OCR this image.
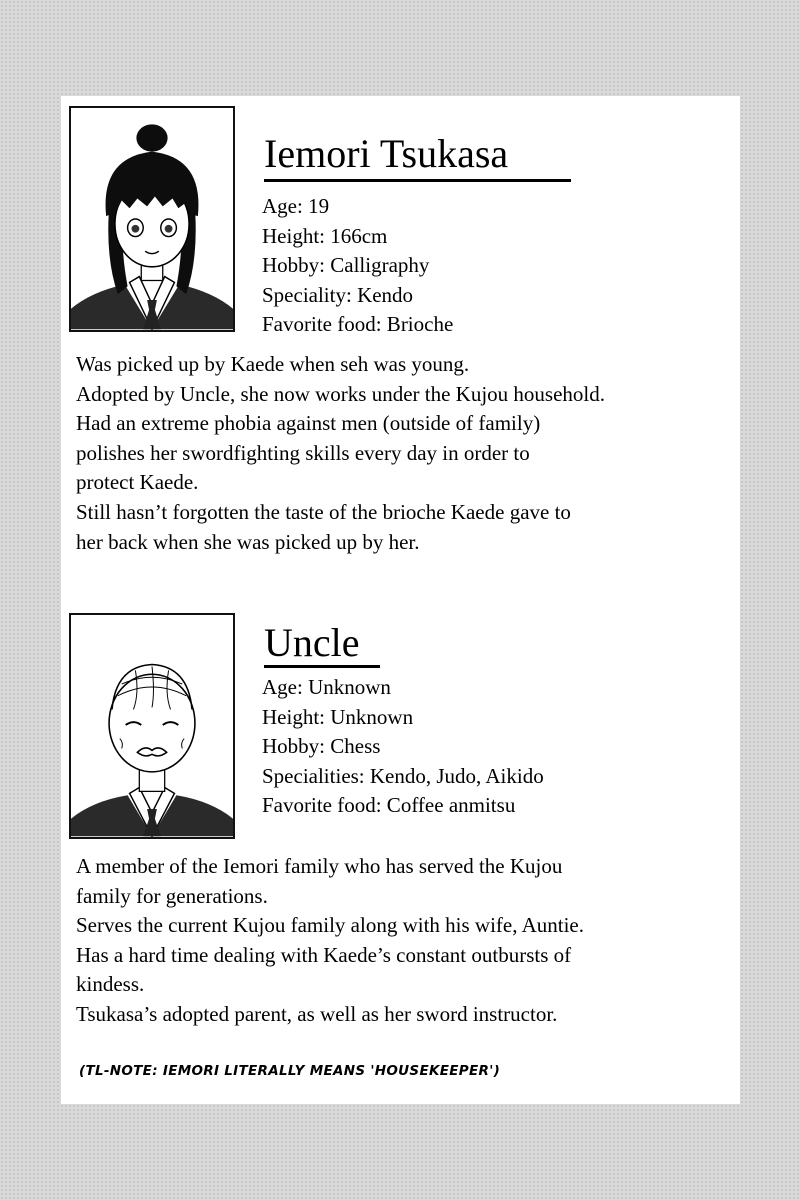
Iemori Tsukasa
Age: 19
Height: 166cm
Hobby: Calligraphy
Speciality: Kendo
Favorite food: Brioche
Was picked up by Kaede when seh was young.
Adopted by Uncle, she now works under the Kujou household.
Had an extreme phobia against men (outside of family)
polishes her swordfighting skills every day in order to
protect Kaede.
Still hasn’t forgotten the taste of the brioche Kaede gave to
her back when she was picked up by her.
Uncle
Age: Unknown
Height: Unknown
Hobby: Chess
Specialities: Kendo, Judo, Aikido
Favorite food: Coffee anmitsu
A member of the Iemori family who has served the Kujou
family for generations.
Serves the current Kujou family along with his wife, Auntie.
Has a hard time dealing with Kaede’s constant outbursts of
kindess.
Tsukasa’s adopted parent, as well as her sword instructor.
(TL-NOTE: IEMORI LITERALLY MEANS 'HOUSEKEEPER')
